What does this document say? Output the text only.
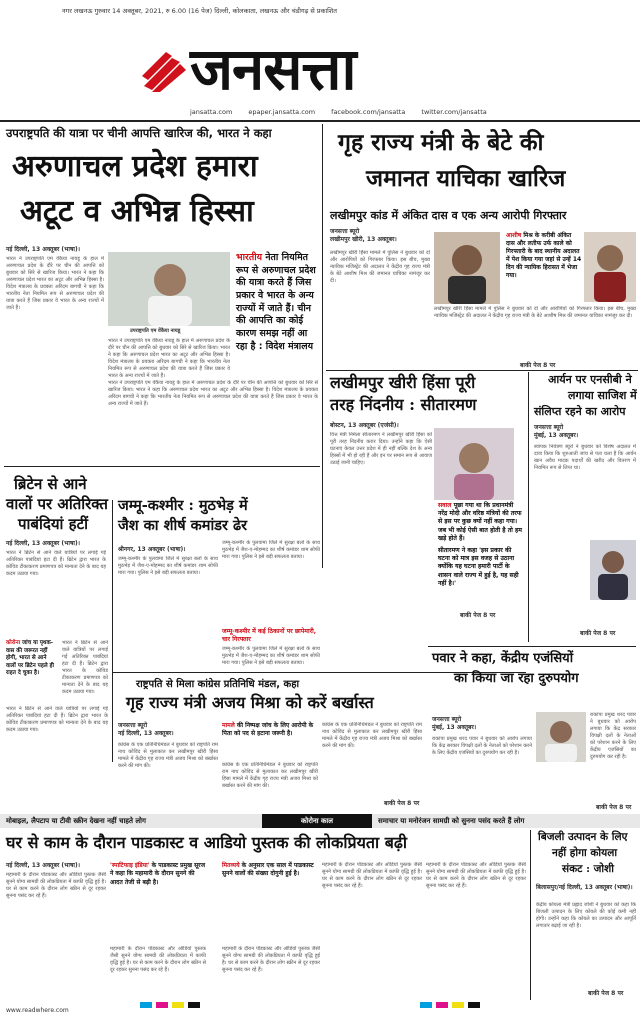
नगर लखनऊ गुरुवार 14 अक्तूबर, 2021, रु 6.00 (16 पेज) दिल्ली, कोलकाता, लखनऊ और चंडीगढ़ से प्रकाशित
जनसत्ता
jansatta.com epaper.jansatta.com facebook.com/jansatta twitter.com/jansatta
उपराष्ट्रपति की यात्रा पर चीनी आपत्ति खारिज की, भारत ने कहा
अरुणाचल प्रदेश हमारा
अटूट व अभिन्न हिस्सा
नई दिल्ली, 13 अक्तूबर (भाषा)।
भारत ने उपराष्ट्रपति एम वेंकैया नायडू के हाल में अरुणाचल प्रदेश के दौरे पर चीन की आपत्ति को बुधवार को सिरे से खारिज किया। भारत ने कहा कि अरुणाचल प्रदेश भारत का अटूट और अभिन्न हिस्सा है। विदेश मंत्रालय के प्रवक्ता अरिंदम बागची ने कहा कि भारतीय नेता नियमित रूप से अरुणाचल प्रदेश की यात्रा करते हैं जिस प्रकार वे भारत के अन्य राज्यों में जाते हैं।
उपराष्ट्रपति एम वेंकैया नायडू
भारत ने उपराष्ट्रपति एम वेंकैया नायडू के हाल में अरुणाचल प्रदेश के दौरे पर चीन की आपत्ति को बुधवार को सिरे से खारिज किया। भारत ने कहा कि अरुणाचल प्रदेश भारत का अटूट और अभिन्न हिस्सा है। विदेश मंत्रालय के प्रवक्ता अरिंदम बागची ने कहा कि भारतीय नेता नियमित रूप से अरुणाचल प्रदेश की यात्रा करते हैं जिस प्रकार वे भारत के अन्य राज्यों में जाते हैं।
भारतीय नेता नियमित रूप से अरुणाचल प्रदेश की यात्रा करते हैं जिस प्रकार वे भारत के अन्य राज्यों में जाते हैं। चीन की आपत्ति का कोई कारण समझ नहीं आ रहा है : विदेश मंत्रालय
भारत ने उपराष्ट्रपति एम वेंकैया नायडू के हाल में अरुणाचल प्रदेश के दौरे पर चीन की आपत्ति को बुधवार को सिरे से खारिज किया। भारत ने कहा कि अरुणाचल प्रदेश भारत का अटूट और अभिन्न हिस्सा है। विदेश मंत्रालय के प्रवक्ता अरिंदम बागची ने कहा कि भारतीय नेता नियमित रूप से अरुणाचल प्रदेश की यात्रा करते हैं जिस प्रकार वे भारत के अन्य राज्यों में जाते हैं।
गृह राज्य मंत्री के बेटे की
जमानत याचिका खारिज
लखीमपुर कांड में अंकित दास व एक अन्य आरोपी गिरफ्तार
जनसत्ता ब्यूरो
लखीमपुर खीरी, 13 अक्तूबर।
लखीमपुर खीरी हिंसा मामले में पुलिस ने बुधवार को दो और आरोपियों को गिरफ्तार किया। इस बीच, मुख्य न्यायिक मजिस्ट्रेट की अदालत ने केंद्रीय गृह राज्य मंत्री के बेटे आशीष मिश्र की जमानत याचिका नामंजूर कर दी।
आशीष मिश्र के करीबी अंकित दास और लतीफ उर्फ काले को गिरफ्तारी के बाद स्थानीय अदालत में पेश किया गया जहां से उन्हें 14 दिन की न्यायिक हिरासत में भेजा गया।
लखीमपुर खीरी हिंसा मामले में पुलिस ने बुधवार को दो और आरोपियों को गिरफ्तार किया। इस बीच, मुख्य न्यायिक मजिस्ट्रेट की अदालत ने केंद्रीय गृह राज्य मंत्री के बेटे आशीष मिश्र की जमानत याचिका नामंजूर कर दी।
बाकी पेज 8 पर
लखीमपुर खीरी हिंसा पूरी
तरह निंदनीय : सीतारमण
बोस्टन, 13 अक्तूबर (एजंसी)।
वित्त मंत्री निर्मला सीतारमण ने लखीमपुर खीरी हिंसा को पूरी तरह निंदनीय करार दिया। उन्होंने कहा कि ऐसी घटनाएं केवल उत्तर प्रदेश में ही नहीं बल्कि देश के अन्य हिस्सों में भी हो रही हैं और इन पर समान रूप से आवाज उठाई जानी चाहिए।
सवाल पूछा गया था कि प्रधानमंत्री नरेंद्र मोदी और वरिष्ठ मंत्रियों की तरफ से इस पर कुछ क्यों नहीं कहा गया। जब भी कोई ऐसी बात होती है तो हम खड़े होते हैं।
सीतारमण ने कहा 'इस प्रकार की घटना को मात्र इस वजह से उठाना क्योंकि यह घटना हमारी पार्टी के शासन वाले राज्य में हुई है, यह सही नहीं है।'
बाकी पेज 8 पर
आर्यन पर एनसीबी ने
लगाया साजिश में
संलिप्त रहने का आरोप
जनसत्ता ब्यूरो
मुंबई, 13 अक्तूबर।
स्वापक नियंत्रण ब्यूरो ने बुधवार को विशेष अदालत में दावा किया कि शुरुआती जांच से पता चला है कि आर्यन खान अवैध मादक पदार्थों की खरीद और वितरण में नियमित रूप से लिप्त था।
बाकी पेज 8 पर
ब्रिटेन से आने
वालों पर अतिरिक्त
पाबंदियां हटीं
नई दिल्ली, 13 अक्तूबर (भाषा)।
भारत ने ब्रिटेन से आने वाले यात्रियों पर लगाई गई अतिरिक्त पाबंदियां हटा दी हैं। ब्रिटेन द्वारा भारत के कोविड टीकाकरण प्रमाणपत्र को मान्यता देने के बाद यह कदम उठाया गया।
कोरोना जांच या पृथक-वास की जरूरत नहीं होगी, भारत से आने वालों पर ब्रिटेन पहले ही राहत दे चुका है।
भारत ने ब्रिटेन से आने वाले यात्रियों पर लगाई गई अतिरिक्त पाबंदियां हटा दी हैं। ब्रिटेन द्वारा भारत के कोविड टीकाकरण प्रमाणपत्र को मान्यता देने के बाद यह कदम उठाया गया।
भारत ने ब्रिटेन से आने वाले यात्रियों पर लगाई गई अतिरिक्त पाबंदियां हटा दी हैं। ब्रिटेन द्वारा भारत के कोविड टीकाकरण प्रमाणपत्र को मान्यता देने के बाद यह कदम उठाया गया।
जम्मू-कश्मीर : मुठभेड़ में
जैश का शीर्ष कमांडर ढेर
श्रीनगर, 13 अक्तूबर (भाषा)।
जम्मू-कश्मीर के पुलवामा जिले में सुरक्षा बलों के साथ मुठभेड़ में जैश-ए-मोहम्मद का शीर्ष कमांडर शाम सोफी मारा गया। पुलिस ने इसे बड़ी सफलता बताया।
जम्मू-कश्मीर के पुलवामा जिले में सुरक्षा बलों के साथ मुठभेड़ में जैश-ए-मोहम्मद का शीर्ष कमांडर शाम सोफी मारा गया। पुलिस ने इसे बड़ी सफलता बताया।
जम्मू-कश्मीर में कई ठिकानों पर छापेमारी, चार गिरफ्तार
जम्मू-कश्मीर के पुलवामा जिले में सुरक्षा बलों के साथ मुठभेड़ में जैश-ए-मोहम्मद का शीर्ष कमांडर शाम सोफी मारा गया। पुलिस ने इसे बड़ी सफलता बताया।
राष्ट्रपति से मिला कांग्रेस प्रतिनिधि मंडल, कहा
गृह राज्य मंत्री अजय मिश्रा को करें बर्खास्त
जनसत्ता ब्यूरो
नई दिल्ली, 13 अक्तूबर।
कांग्रेस के एक प्रतिनिधिमंडल ने बुधवार को राष्ट्रपति राम नाथ कोविंद से मुलाकात कर लखीमपुर खीरी हिंसा मामले में केंद्रीय गृह राज्य मंत्री अजय मिश्रा को बर्खास्त करने की मांग की।
मामले की निष्पक्ष जांच के लिए आरोपी के पिता को पद से हटाना जरूरी है।
कांग्रेस के एक प्रतिनिधिमंडल ने बुधवार को राष्ट्रपति राम नाथ कोविंद से मुलाकात कर लखीमपुर खीरी हिंसा मामले में केंद्रीय गृह राज्य मंत्री अजय मिश्रा को बर्खास्त करने की मांग की।
कांग्रेस के एक प्रतिनिधिमंडल ने बुधवार को राष्ट्रपति राम नाथ कोविंद से मुलाकात कर लखीमपुर खीरी हिंसा मामले में केंद्रीय गृह राज्य मंत्री अजय मिश्रा को बर्खास्त करने की मांग की।
बाकी पेज 8 पर
पवार ने कहा, केंद्रीय एजंसियों
का किया जा रहा दुरुपयोग
जनसत्ता ब्यूरो
मुंबई, 13 अक्तूबर।
राकांपा प्रमुख शरद पवार ने बुधवार को आरोप लगाया कि केंद्र सरकार विपक्षी दलों के नेताओं को परेशान करने के लिए केंद्रीय एजंसियों का दुरुपयोग कर रही है।
राकांपा प्रमुख शरद पवार ने बुधवार को आरोप लगाया कि केंद्र सरकार विपक्षी दलों के नेताओं को परेशान करने के लिए केंद्रीय एजंसियों का दुरुपयोग कर रही है।
बाकी पेज 8 पर
मोबाइल, लैपटाप या टीवी स्क्रीन देखना नहीं चाहते लोग	कोरोना काल	समाचार या मनोरंजन सामग्री को सुनना पसंद करते हैं लोग
घर से काम के दौरान पाडकास्ट व आडियो पुस्तक की लोकप्रियता बढ़ी
नई दिल्ली, 13 अक्तूबर (भाषा)।
महामारी के दौरान पॉडकास्ट और ऑडियो पुस्तक जैसी सुनने योग्य सामग्री की लोकप्रियता में काफी वृद्धि हुई है। घर से काम करने के दौरान लोग स्क्रीन से दूर रहकर सुनना पसंद कर रहे हैं।
'स्पाटिफाइ इंडिया' के पाडकास्ट प्रमुख सूरज ने कहा कि महामारी के दौरान सुनने की आदत तेजी से बढ़ी है।
महामारी के दौरान पॉडकास्ट और ऑडियो पुस्तक जैसी सुनने योग्य सामग्री की लोकप्रियता में काफी वृद्धि हुई है। घर से काम करने के दौरान लोग स्क्रीन से दूर रहकर सुनना पसंद कर रहे हैं।
मितव्यये के अनुसार एक साल में पाडकास्ट सुनने वालों की संख्या दोगुनी हुई है।
महामारी के दौरान पॉडकास्ट और ऑडियो पुस्तक जैसी सुनने योग्य सामग्री की लोकप्रियता में काफी वृद्धि हुई है। घर से काम करने के दौरान लोग स्क्रीन से दूर रहकर सुनना पसंद कर रहे हैं।
महामारी के दौरान पॉडकास्ट और ऑडियो पुस्तक जैसी सुनने योग्य सामग्री की लोकप्रियता में काफी वृद्धि हुई है। घर से काम करने के दौरान लोग स्क्रीन से दूर रहकर सुनना पसंद कर रहे हैं।
महामारी के दौरान पॉडकास्ट और ऑडियो पुस्तक जैसी सुनने योग्य सामग्री की लोकप्रियता में काफी वृद्धि हुई है। घर से काम करने के दौरान लोग स्क्रीन से दूर रहकर सुनना पसंद कर रहे हैं।
बिजली उत्पादन के लिए
नहीं होगा कोयला
संकट : जोशी
बिलासपुर/नई दिल्ली, 13 अक्तूबर (भाषा)।
केंद्रीय कोयला मंत्री प्रह्लाद जोशी ने बुधवार को कहा कि बिजली उत्पादन के लिए कोयले की कोई कमी नहीं होगी। उन्होंने कहा कि कोयले का उत्पादन और आपूर्ति लगातार बढ़ाई जा रही है।
बाकी पेज 8 पर
www.readwhere.com
